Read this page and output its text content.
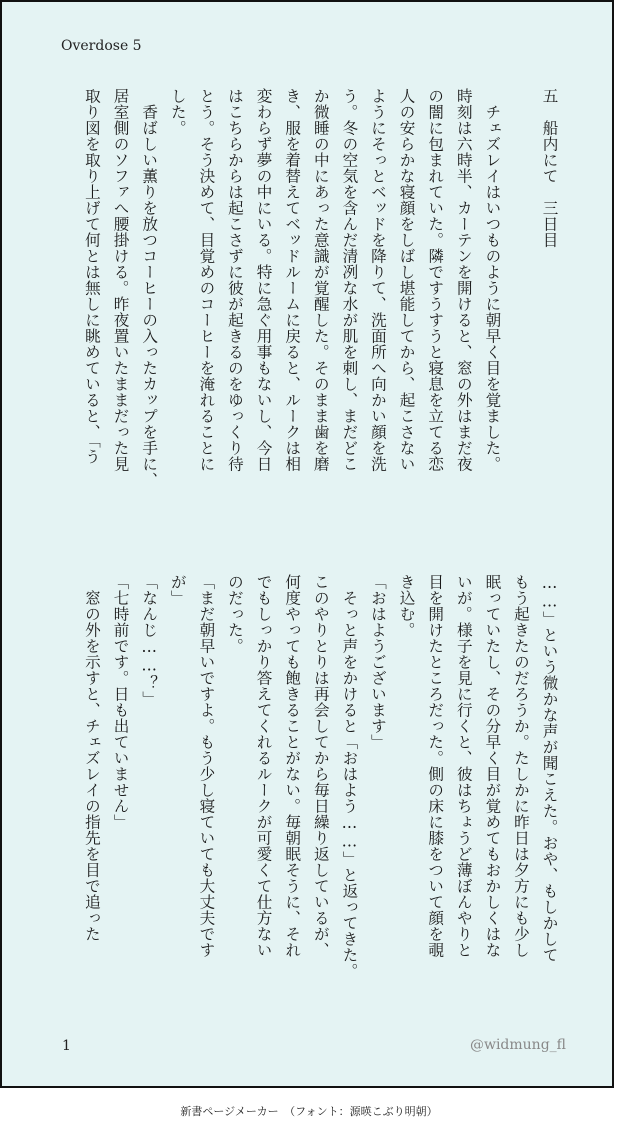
Overdose 5
五　船内にて　三日目
　チェズレイはいつものように朝早く目を覚ました。
時刻は六時半、カーテンを開けると、窓の外はまだ夜
の闇に包まれていた。隣ですうすうと寝息を立てる恋
人の安らかな寝顔をしばし堪能してから、起こさない
ようにそっとベッドを降りて、洗面所へ向かい顔を洗
う。冬の空気を含んだ清冽な水が肌を刺し、まだどこ
か微睡の中にあった意識が覚醒した。そのまま歯を磨
き、服を着替えてベッドルームに戻ると、ルークは相
変わらず夢の中にいる。特に急ぐ用事もないし、今日
はこちらからは起こさずに彼が起きるのをゆっくり待
とう。そう決めて、目覚めのコーヒーを淹れることに
した。
　香ばしい薫りを放つコーヒーの入ったカップを手に、
居室側のソファへ腰掛ける。昨夜置いたままだった見
取り図を取り上げて何とは無しに眺めていると、「う
……」という微かな声が聞こえた。おや、もしかして
もう起きたのだろうか。たしかに昨日は夕方にも少し
眠っていたし、その分早く目が覚めてもおかしくはな
いが。様子を見に行くと、彼はちょうど薄ぼんやりと
目を開けたところだった。側の床に膝をついて顔を覗
き込む。
「おはようございます」
　そっと声をかけると「おはよう……」と返ってきた。
このやりとりは再会してから毎日繰り返しているが、
何度やっても飽きることがない。毎朝眠そうに、それ
でもしっかり答えてくれるルークが可愛くて仕方ない
のだった。
「まだ朝早いですよ。もう少し寝ていても大丈夫です
が」
「なんじ……？」
「七時前です。日も出ていません」
　窓の外を示すと、チェズレイの指先を目で追った
1	@widmung_fl
新書ページメーカー　（フォント：源暎こぶり明朝）
